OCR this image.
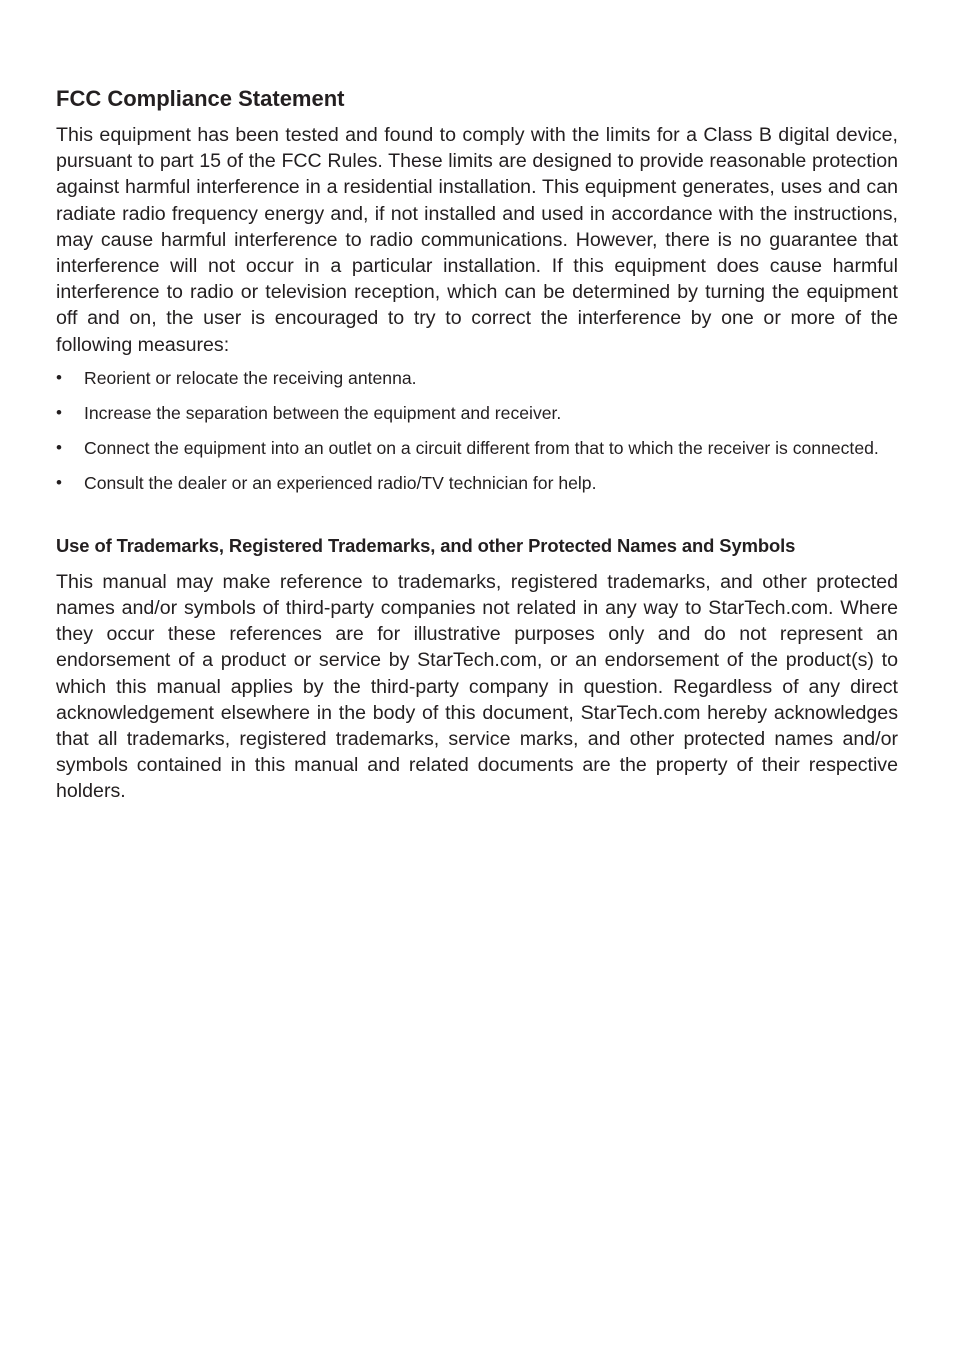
FCC Compliance Statement

This equipment has been tested and found to comply with the limits for a Class B digital device, pursuant to part 15 of the FCC Rules. These limits are designed to provide reasonable protection against harmful interference in a residential installation. This equipment generates, uses and can radiate radio frequency energy and, if not installed and used in accordance with the instructions, may cause harmful interference to radio communications. However, there is no guarantee that interference will not occur in a particular installation. If this equipment does cause harmful interference to radio or television reception, which can be determined by turning the equipment off and on, the user is encouraged to try to correct the interference by one or more of the following measures:

• Reorient or relocate the receiving antenna.
• Increase the separation between the equipment and receiver.
• Connect the equipment into an outlet on a circuit different from that to which the receiver is connected.
• Consult the dealer or an experienced radio/TV technician for help.
Use of Trademarks, Registered Trademarks, and other Protected Names and Symbols

This manual may make reference to trademarks, registered trademarks, and other protected names and/or symbols of third-party companies not related in any way to StarTech.com. Where they occur these references are for illustrative purposes only and do not represent an endorsement of a product or service by StarTech.com, or an endorsement of the product(s) to which this manual applies by the third-party company in question. Regardless of any direct acknowledgement elsewhere in the body of this document, StarTech.com hereby acknowledges that all trademarks, registered trademarks, service marks, and other protected names and/or symbols contained in this manual and related documents are the property of their respective holders.
